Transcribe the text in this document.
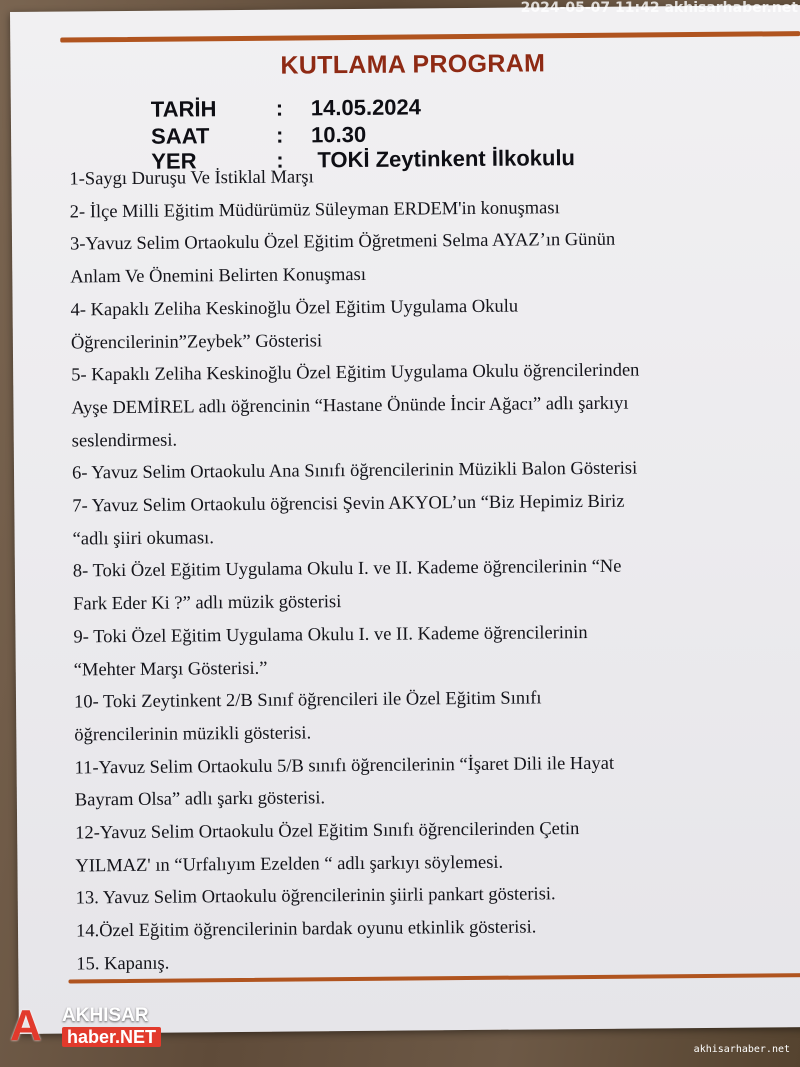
KUTLAMA PROGRAM
TARİH	: 14.05.2024
SAAT	: 10.30
YER	: TOKİ Zeytinkent İlkokulu
1-Saygı Duruşu Ve İstiklal Marşı
2- İlçe Milli Eğitim Müdürümüz Süleyman ERDEM'in konuşması
3-Yavuz Selim Ortaokulu Özel Eğitim Öğretmeni Selma AYAZ’ın Günün
Anlam Ve Önemini Belirten Konuşması
4- Kapaklı Zeliha Keskinoğlu Özel Eğitim Uygulama Okulu
Öğrencilerinin”Zeybek” Gösterisi
5- Kapaklı Zeliha Keskinoğlu Özel Eğitim Uygulama Okulu öğrencilerinden
Ayşe DEMİREL adlı öğrencinin “Hastane Önünde İncir Ağacı” adlı şarkıyı
seslendirmesi.
6- Yavuz Selim Ortaokulu Ana Sınıfı öğrencilerinin Müzikli Balon Gösterisi
7- Yavuz Selim Ortaokulu öğrencisi Şevin AKYOL’un “Biz Hepimiz Biriz
“adlı şiiri okuması.
8- Toki Özel Eğitim Uygulama Okulu I. ve II. Kademe öğrencilerinin “Ne
Fark Eder Ki ?” adlı müzik gösterisi
9- Toki Özel Eğitim Uygulama Okulu I. ve II. Kademe öğrencilerinin
“Mehter Marşı Gösterisi.”
10- Toki Zeytinkent 2/B Sınıf öğrencileri ile Özel Eğitim Sınıfı
öğrencilerinin müzikli gösterisi.
11-Yavuz Selim Ortaokulu 5/B sınıfı öğrencilerinin “İşaret Dili ile Hayat
Bayram Olsa” adlı şarkı gösterisi.
12-Yavuz Selim Ortaokulu Özel Eğitim Sınıfı öğrencilerinden Çetin
YILMAZ' ın “Urfalıyım Ezelden “ adlı şarkıyı söylemesi.
13. Yavuz Selim Ortaokulu öğrencilerinin şiirli pankart gösterisi.
14.Özel Eğitim öğrencilerinin bardak oyunu etkinlik gösterisi.
15. Kapanış.
2024-05-07 11:42 akhisarhaber.net
A AKHISAR
haber.NET
akhisarhaber.net
